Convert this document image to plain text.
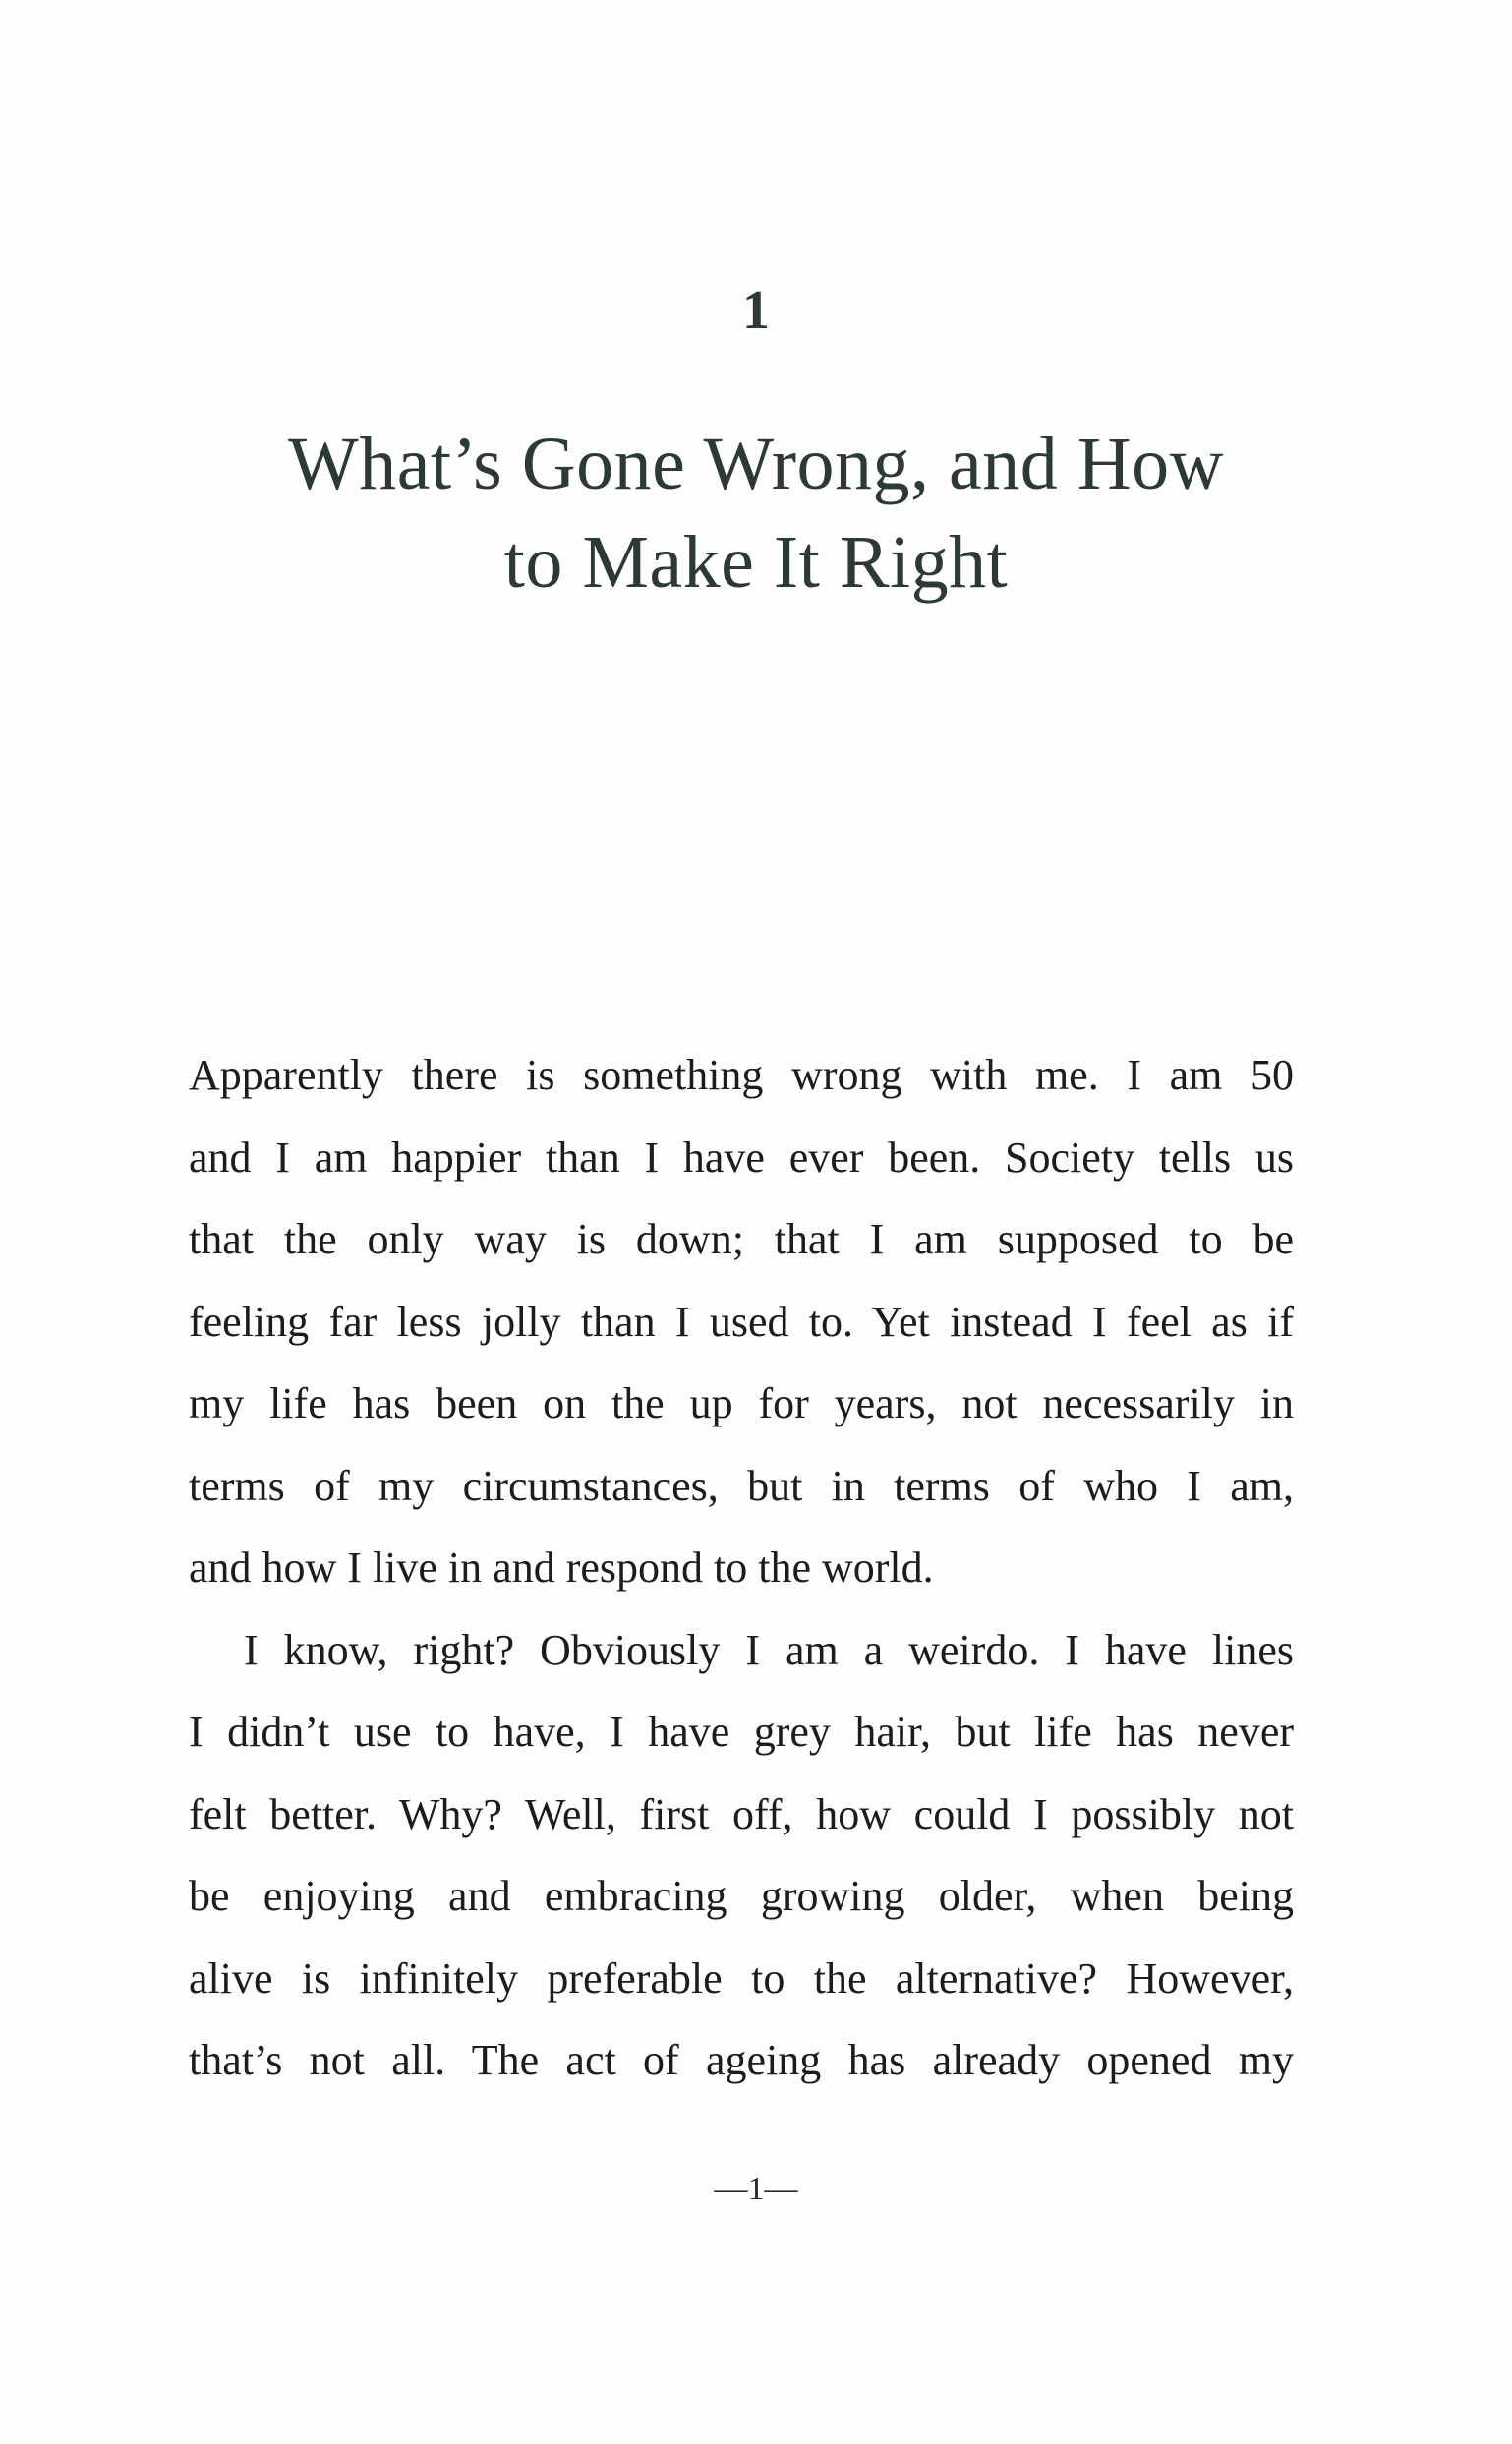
1
What’s Gone Wrong, and How
to Make It Right
Apparently there is something wrong with me. I am 50
and I am happier than I have ever been. Society tells us
that the only way is down; that I am supposed to be
feeling far less jolly than I used to. Yet instead I feel as if
my life has been on the up for years, not necessarily in
terms of my circumstances, but in terms of who I am,
and how I live in and respond to the world.
I know, right? Obviously I am a weirdo. I have lines
I didn’t use to have, I have grey hair, but life has never
felt better. Why? Well, first off, how could I possibly not
be enjoying and embracing growing older, when being
alive is infinitely preferable to the alternative? However,
that’s not all. The act of ageing has already opened my
—1—
